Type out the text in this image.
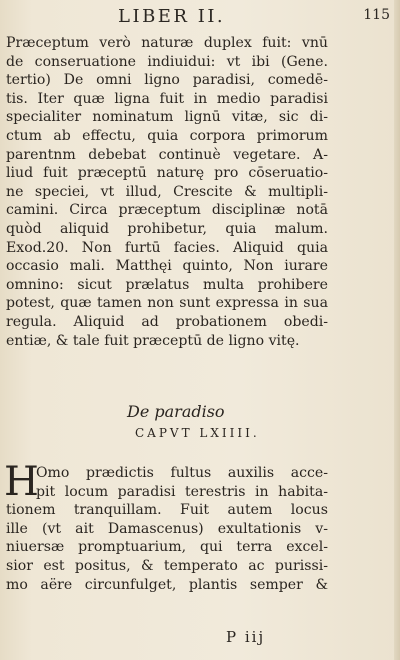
LIBER II.	115
Præceptum verò naturæ duplex fuit: vnū
de conseruatione indiuidui: vt ibi (Gene.
tertio) De omni ligno paradisi, comedē-
tis. Iter quæ ligna fuit in medio paradisi
specialiter nominatum lignū vitæ, sic di-
ctum ab effectu, quia corpora primorum
parentnm debebat continuè vegetare. A-
liud fuit præceptū naturę pro cōseruatio-
ne speciei, vt illud, Crescite & multipli-
camini. Circa præceptum disciplinæ notā
quòd aliquid prohibetur, quia malum.
Exod.20. Non furtū facies. Aliquid quia
occasio mali. Matthęi quinto, Non iurare
omnino: sicut prælatus multa prohibere
potest, quæ tamen non sunt expressa in sua
regula. Aliquid ad probationem obedi-
entiæ, & tale fuit præceptū de ligno vitę.
De paradiso
CAPVT LXIIII.
H
Omo prædictis fultus auxilis acce-
pit locum paradisi terestris in habita-
tionem tranquillam. Fuit autem locus
ille (vt ait Damascenus) exultationis v-
niuersæ promptuarium, qui terra excel-
sior est positus, & temperato ac purissi-
mo aëre circunfulget, plantis semper &
P iij
